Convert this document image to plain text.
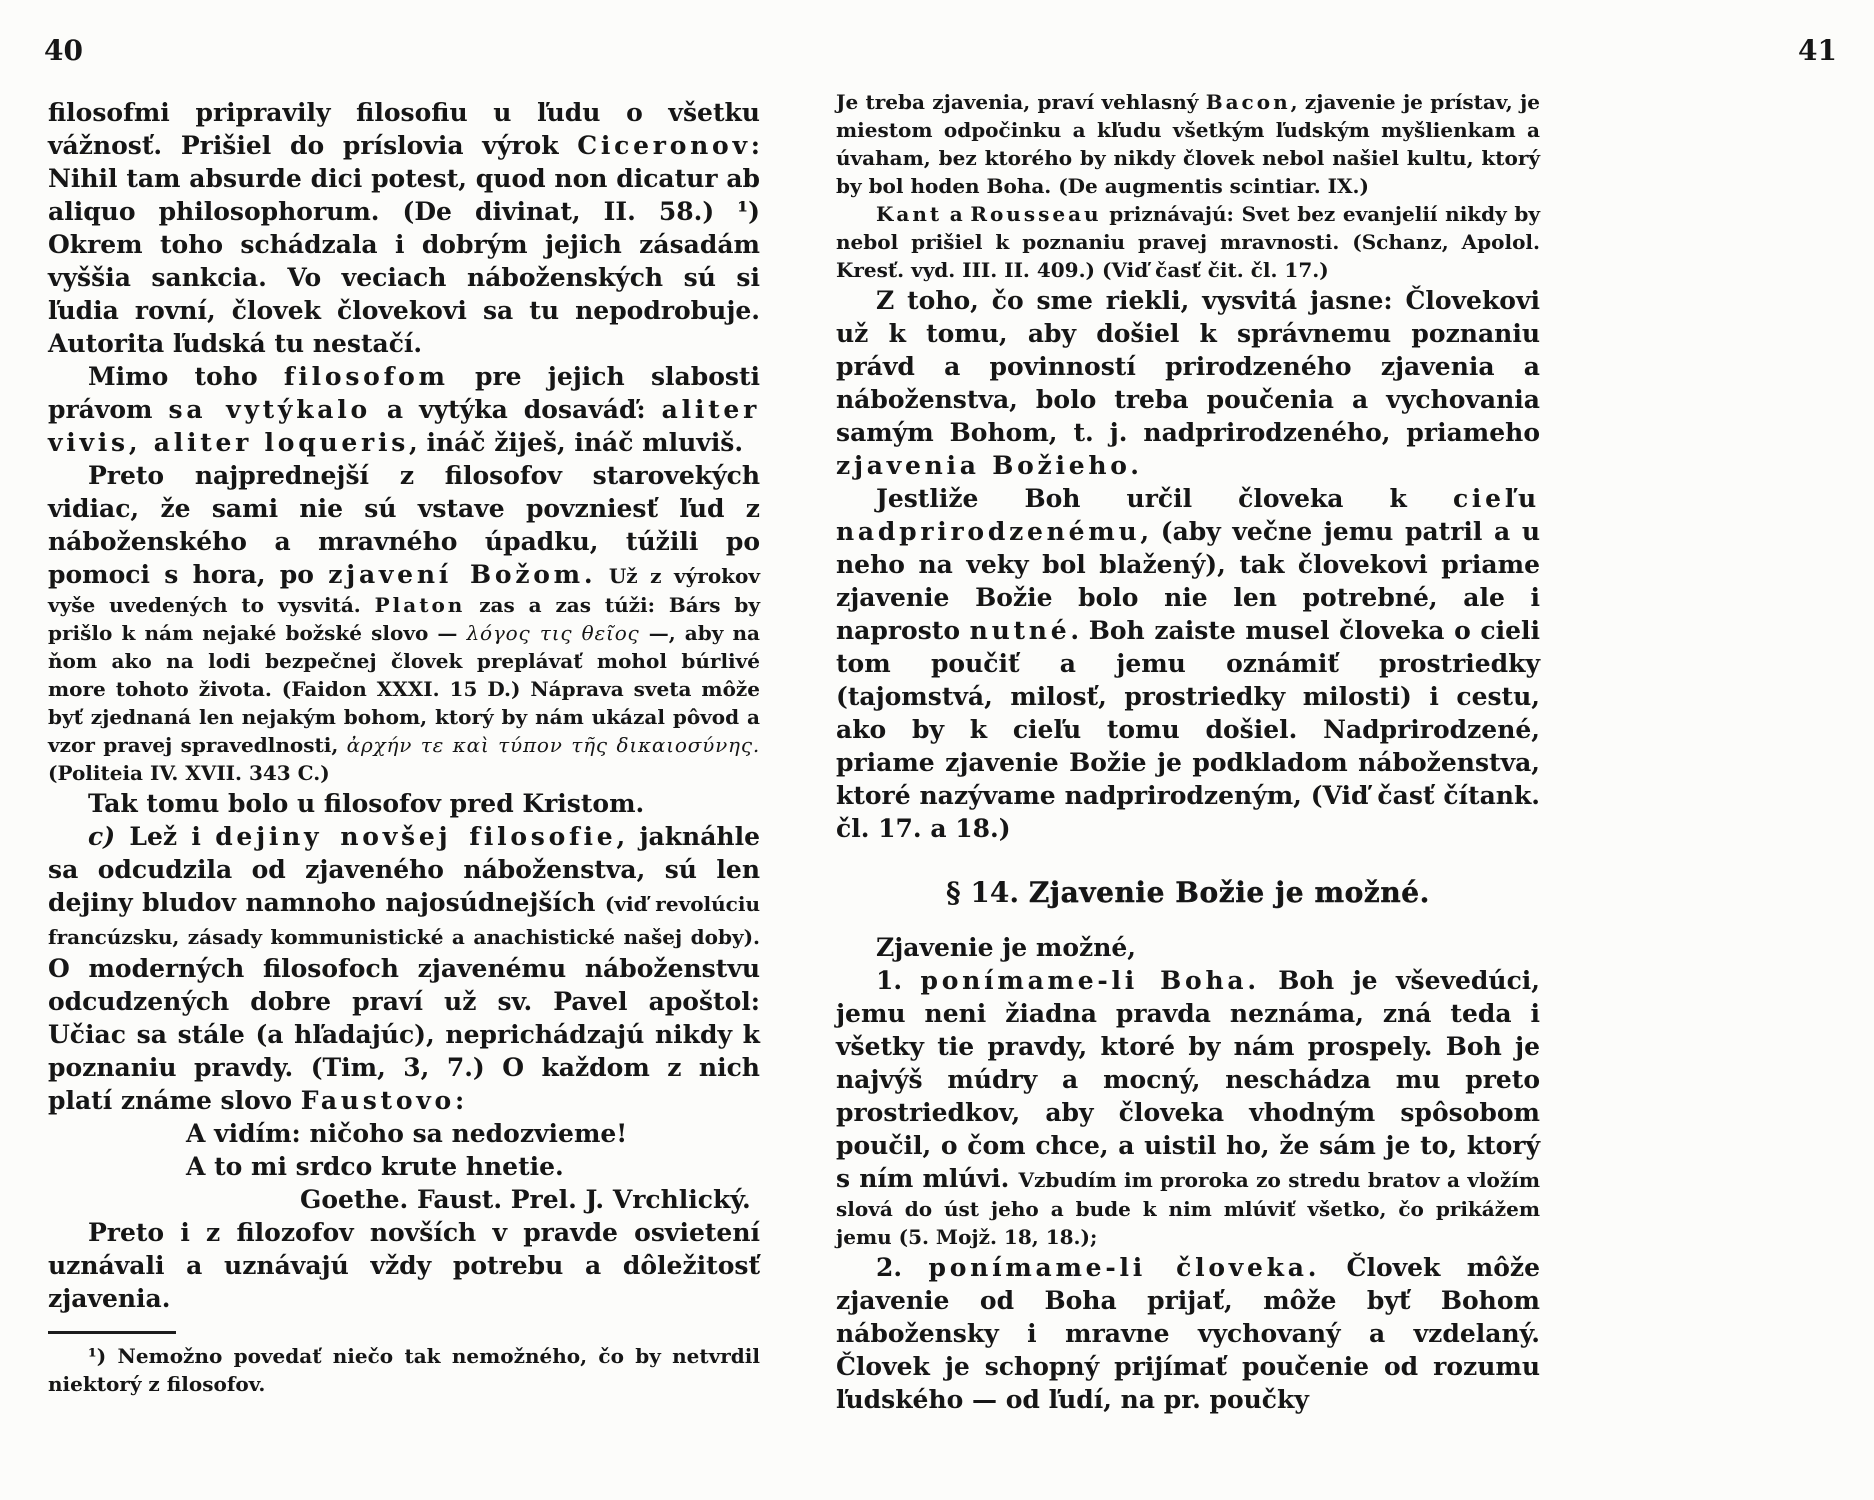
40	41

filosofmi pripravily filosofiu u ľudu o všetku vážnosť. Prišiel do príslovia výrok Ciceronov: Nihil tam absurde dici potest, quod non dicatur ab aliquo philosophorum. (De divinat, II. 58.) ¹) Okrem toho schádzala i dobrým jejich zásadám vyššia sankcia. Vo veciach náboženských sú si ľudia rovní, človek človekovi sa tu nepodrobuje. Autorita ľudská tu nestačí.

Mimo toho filosofom pre jejich slabosti právom sa vytýkalo a vytýka dosaváď: aliter vivis, aliter loqueris, ináč žiješ, ináč mluviš.

Preto najprednejší z filosofov starovekých vidiac, že sami nie sú vstave povzniesť ľud z náboženského a mravného úpadku, túžili po pomoci s hora, po zjavení Božom. Už z výrokov vyše uvedených to vysvitá. Platon zas a zas túži: Bárs by prišlo k nám nejaké božské slovo — λόγος τις θεῖος —, aby na ňom ako na lodi bezpečnej človek preplávať mohol búrlivé more tohoto života. (Faidon XXXI. 15 D.) Náprava sveta môže byť zjednaná len nejakým bohom, ktorý by nám ukázal pôvod a vzor pravej spravedlnosti, ἀρχήν τε καὶ τύπον τῆς δικαιοσύνης. (Politeia IV. XVII. 343 C.)

Tak tomu bolo u filosofov pred Kristom.

c) Lež i dejiny novšej filosofie, jaknáhle sa odcudzila od zjaveného náboženstva, sú len dejiny bludov namnoho najosúdnejších (viď revolúciu francúzsku, zásady kommunistické a anachistické našej doby). O moderných filosofoch zjavenému náboženstvu odcudzených dobre praví už sv. Pavel apoštol: Učiac sa stále (a hľadajúc), neprichádzajú nikdy k poznaniu pravdy. (Tim, 3, 7.) O každom z nich platí známe slovo Faustovo:

A vidím: ničoho sa nedozvieme!
A to mi srdco krute hnetie.
Goethe. Faust. Prel. J. Vrchlický.

Preto i z filozofov novších v pravde osvietení uznávali a uznávajú vždy potrebu a dôležitosť zjavenia.

¹) Nemožno povedať niečo tak nemožného, čo by netvrdil niektorý z filosofov.

Je treba zjavenia, praví vehlasný Bacon, zjavenie je prístav, je miestom odpočinku a kľudu všetkým ľudským myšlienkam a úvaham, bez ktorého by nikdy človek nebol našiel kultu, ktorý by bol hoden Boha. (De augmentis scintiar. IX.)

Kant a Rousseau priznávajú: Svet bez evanjelií nikdy by nebol prišiel k poznaniu pravej mravnosti. (Schanz, Apolol. Kresť. vyd. III. II. 409.) (Viď časť čit. čl. 17.)

Z toho, čo sme riekli, vysvitá jasne: Človekovi už k tomu, aby došiel k správnemu poznaniu právd a povinností prirodzeného zjavenia a náboženstva, bolo treba poučenia a vychovania samým Bohom, t. j. nadprirodzeného, priameho zjavenia Božieho.

Jestliže Boh určil človeka k cieľu nadprirodzenému, (aby večne jemu patril a u neho na veky bol blažený), tak človekovi priame zjavenie Božie bolo nie len potrebné, ale i naprosto nutné. Boh zaiste musel človeka o cieli tom poučiť a jemu oznámiť prostriedky (tajomstvá, milosť, prostriedky milosti) i cestu, ako by k cieľu tomu došiel. Nadprirodzené, priame zjavenie Božie je podkladom náboženstva, ktoré nazývame nadprirodzeným, (Viď časť čítank. čl. 17. a 18.)

§ 14. Zjavenie Božie je možné.

Zjavenie je možné,

1. ponímame-li Boha. Boh je vševedúci, jemu neni žiadna pravda neznáma, zná teda i všetky tie pravdy, ktoré by nám prospely. Boh je najvýš múdry a mocný, neschádza mu preto prostriedkov, aby človeka vhodným spôsobom poučil, o čom chce, a uistil ho, že sám je to, ktorý s ním mlúvi. Vzbudím im proroka zo stredu bratov a vložím slová do úst jeho a bude k nim mlúviť všetko, čo prikážem jemu (5. Mojž. 18, 18.);

2. ponímame-li človeka. Človek môže zjavenie od Boha prijať, môže byť Bohom nábožensky i mravne vychovaný a vzdelaný. Človek je schopný prijímať poučenie od rozumu ľudského — od ľudí, na pr. poučky
